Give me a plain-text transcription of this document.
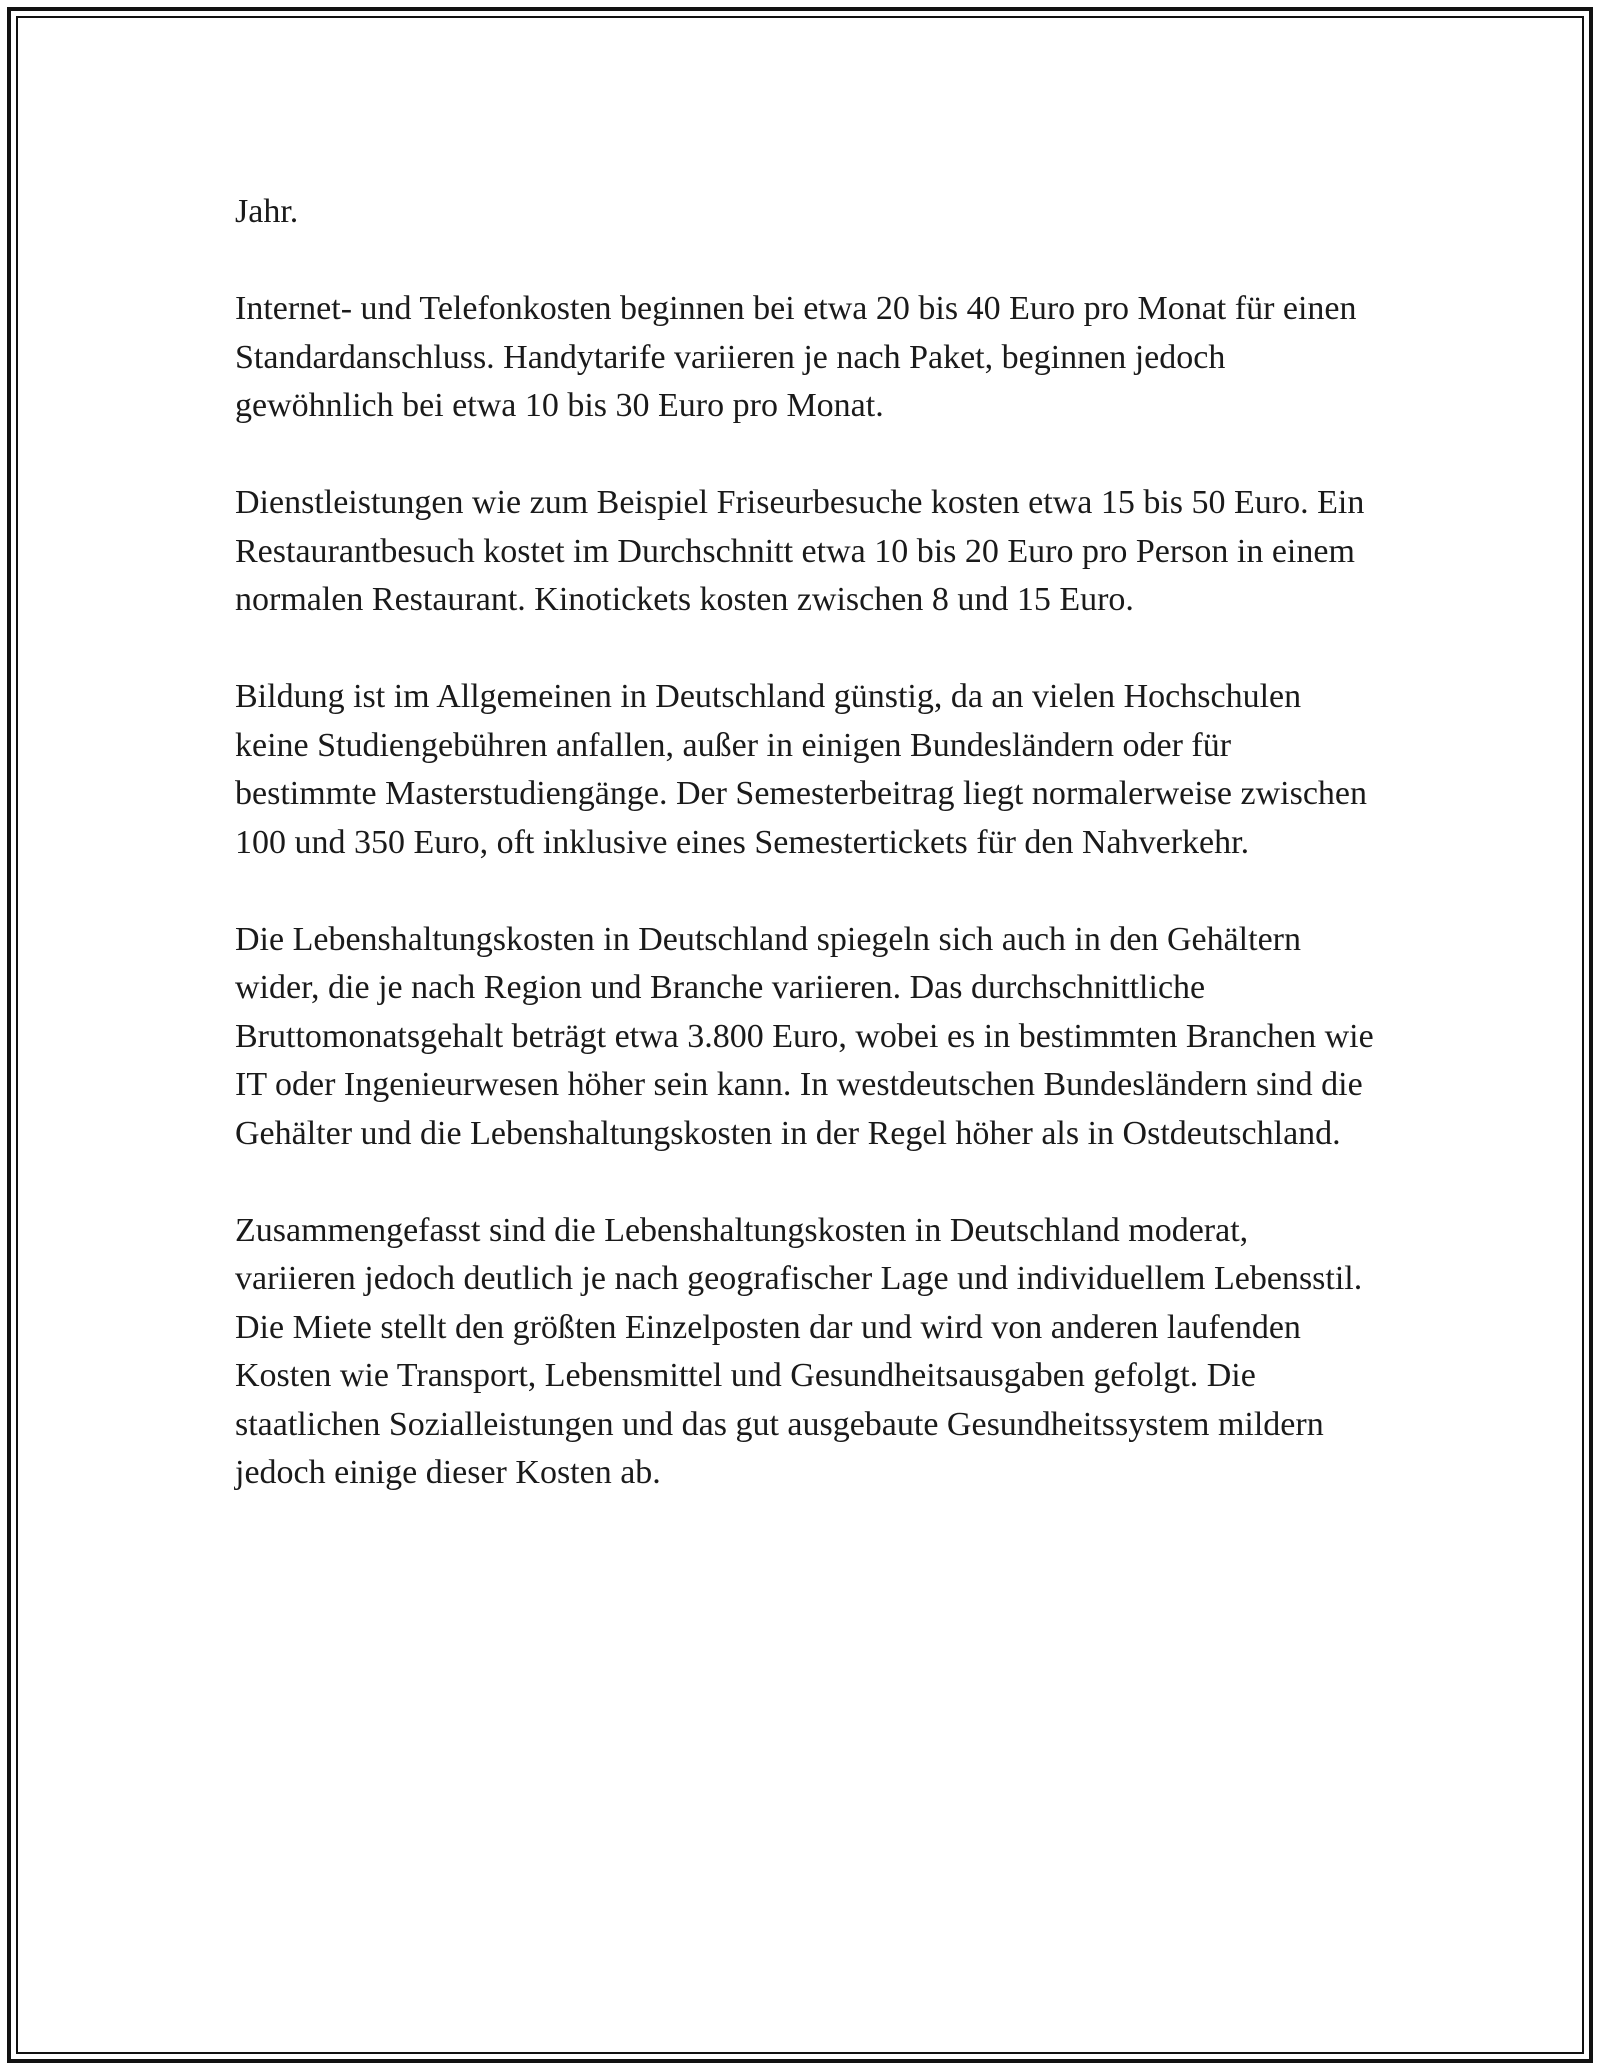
Jahr.

Internet- und Telefonkosten beginnen bei etwa 20 bis 40 Euro pro Monat für einen Standardanschluss. Handytarife variieren je nach Paket, beginnen jedoch gewöhnlich bei etwa 10 bis 30 Euro pro Monat.

Dienstleistungen wie zum Beispiel Friseurbesuche kosten etwa 15 bis 50 Euro. Ein Restaurantbesuch kostet im Durchschnitt etwa 10 bis 20 Euro pro Person in einem normalen Restaurant. Kinotickets kosten zwischen 8 und 15 Euro.

Bildung ist im Allgemeinen in Deutschland günstig, da an vielen Hochschulen keine Studiengebühren anfallen, außer in einigen Bundesländern oder für bestimmte Masterstudiengänge. Der Semesterbeitrag liegt normalerweise zwischen 100 und 350 Euro, oft inklusive eines Semestertickets für den Nahverkehr.

Die Lebenshaltungskosten in Deutschland spiegeln sich auch in den Gehältern wider, die je nach Region und Branche variieren. Das durchschnittliche Bruttomonatsgehalt beträgt etwa 3.800 Euro, wobei es in bestimmten Branchen wie IT oder Ingenieurwesen höher sein kann. In westdeutschen Bundesländern sind die Gehälter und die Lebenshaltungskosten in der Regel höher als in Ostdeutschland.

Zusammengefasst sind die Lebenshaltungskosten in Deutschland moderat, variieren jedoch deutlich je nach geografischer Lage und individuellem Lebensstil. Die Miete stellt den größten Einzelposten dar und wird von anderen laufenden Kosten wie Transport, Lebensmittel und Gesundheitsausgaben gefolgt. Die staatlichen Sozialleistungen und das gut ausgebaute Gesundheitssystem mildern jedoch einige dieser Kosten ab.
